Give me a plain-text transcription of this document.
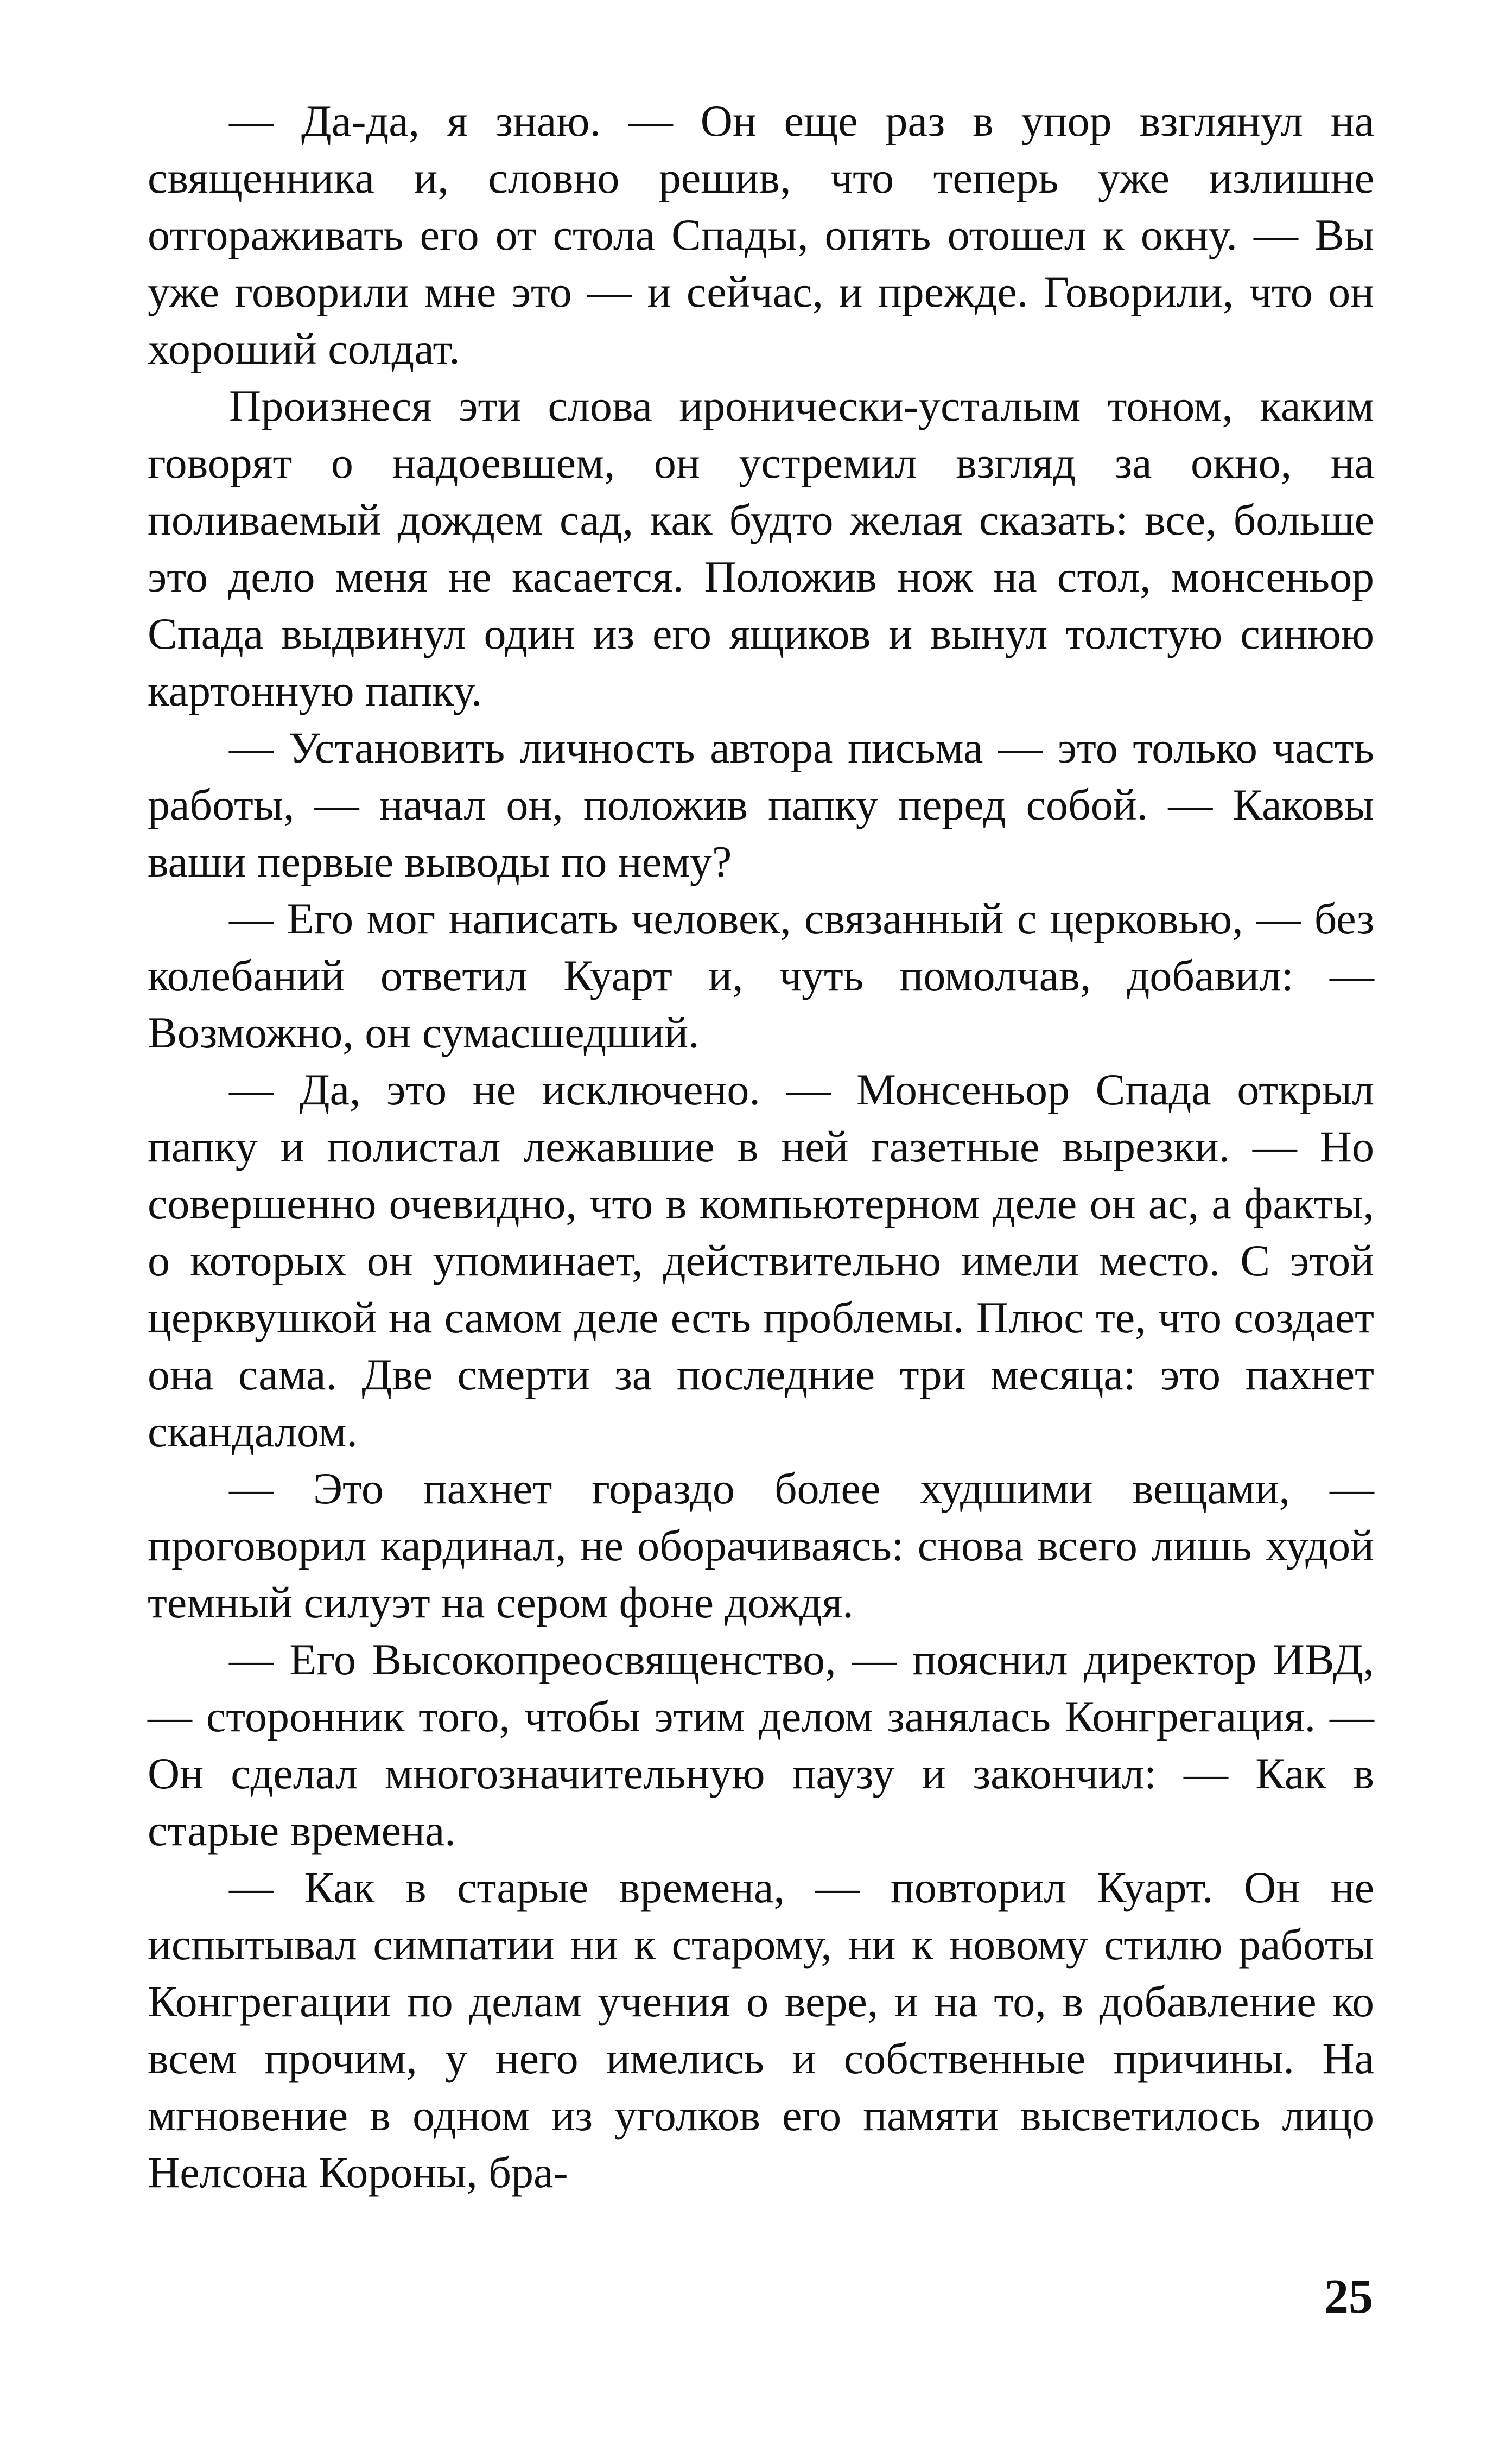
— Да-да, я знаю. — Он еще раз в упор взглянул на священника и, словно решив, что теперь уже излишне отгораживать его от стола Спады, опять отошел к окну. — Вы уже говорили мне это — и сейчас, и прежде. Говорили, что он хороший солдат.

Произнеся эти слова иронически-усталым тоном, каким говорят о надоевшем, он устремил взгляд за окно, на поливаемый дождем сад, как будто желая сказать: все, больше это дело меня не касается. Положив нож на стол, монсеньор Спада выдвинул один из его ящиков и вынул толстую синюю картонную папку.

— Установить личность автора письма — это только часть работы, — начал он, положив папку перед собой. — Каковы ваши первые выводы по нему?

— Его мог написать человек, связанный с церковью, — без колебаний ответил Куарт и, чуть помолчав, добавил: — Возможно, он сумасшедший.

— Да, это не исключено. — Монсеньор Спада открыл папку и полистал лежавшие в ней газетные вырезки. — Но совершенно очевидно, что в компьютерном деле он ас, а факты, о которых он упоминает, действительно имели место. С этой церквушкой на самом деле есть проблемы. Плюс те, что создает она сама. Две смерти за последние три месяца: это пахнет скандалом.

— Это пахнет гораздо более худшими вещами, — проговорил кардинал, не оборачиваясь: снова всего лишь худой темный силуэт на сером фоне дождя.

— Его Высокопреосвященство, — пояснил директор ИВД, — сторонник того, чтобы этим делом занялась Конгрегация. — Он сделал многозначительную паузу и закончил: — Как в старые времена.

— Как в старые времена, — повторил Куарт. Он не испытывал симпатии ни к старому, ни к новому стилю работы Конгрегации по делам учения о вере, и на то, в добавление ко всем прочим, у него имелись и собственные причины. На мгновение в одном из уголков его памяти высветилось лицо Нелсона Короны, бра-

25
